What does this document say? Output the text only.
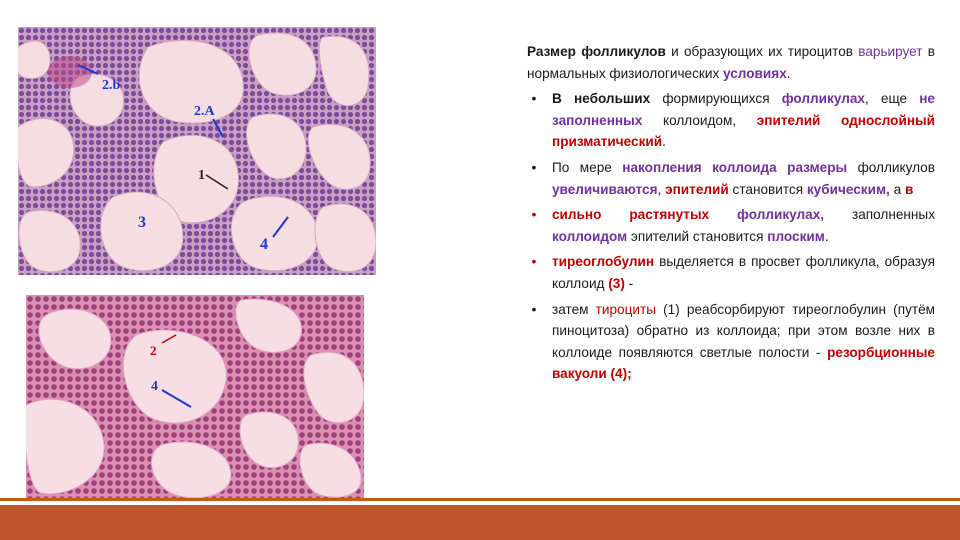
2.b
2.A
1
3
4
2
4

Размер фолликулов и образующих их тироцитов варьирует в нормальных физиологических условиях.

•	В небольших формирующихся фолликулах, еще не заполненных коллоидом, эпителий однослойный призматический.
•	По мере накопления коллоида размеры фолликулов увеличиваются, эпителий становится кубическим, а в
•	сильно растянутых фолликулах, заполненных коллоидом эпителий становится плоским.
•	тиреоглобулин выделяется в просвет фолликула, образуя коллоид (3) -
•	затем тироциты (1) реабсорбируют тиреоглобулин (путём пиноцитоза) обратно из коллоида; при этом возле них в коллоиде появляются светлые полости - резорбционные вакуоли (4);
